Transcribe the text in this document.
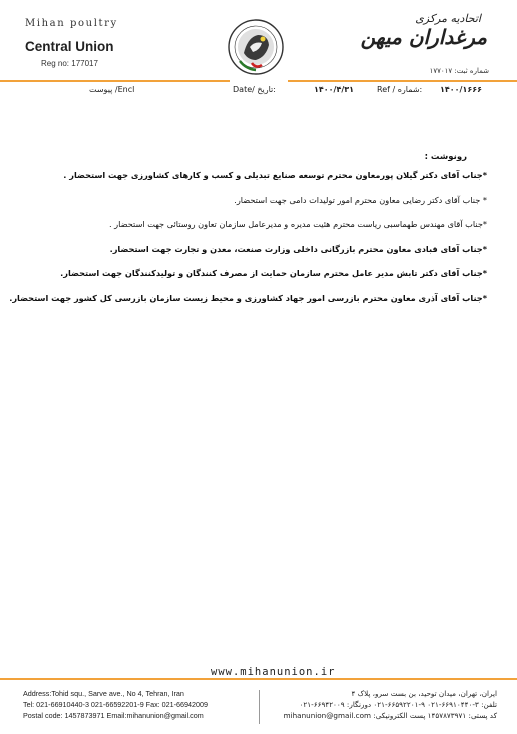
Mihan poultry
Central Union
Reg no: 177017
اتحادیه مرکزی
مرغداران میهن
شماره ثبت: ۱۷۷۰۱۷
پیوست /Encl	Date/ تاریخ:	۱۴۰۰/۴/۳۱	Ref / شماره: ۱۴۰۰/۱۶۶۶
رونوشت :
*جناب آقای دکتر گیلان پورمعاون محترم توسعه صنایع تبدیلی و کسب و کارهای کشاورزی جهت استحضار .
* جناب آقای دکتر رضایی معاون محترم امور تولیدات دامی جهت استحضار.
*جناب آقای مهندس طهماسبی ریاست محترم هئیت مدیره و مدیرعامل سازمان تعاون روستائی جهت استحضار .
*جناب آقای قبادی معاون محترم بازرگانی داخلی وزارت صنعت، معدن و تجارت جهت استحضار.
*جناب آقای دکتر تابش مدیر عامل محترم سازمان حمایت از مصرف کنندگان و تولیدکنندگان جهت استحضار.
*جناب آقای آذری معاون محترم بازرسی امور جهاد کشاورزی و محیط زیست سازمان بازرسی کل کشور جهت استحضار.
www.mihanunion.ir
Address:Tohid squ., Sarve ave., No 4, Tehran, Iran
Tel: 021-66910440-3 021-66592201-9 Fax: 021-66942009
Postal code: 1457873971 Email:mihanunion@gmail.com
ایران، تهران، میدان توحید، بن بست سرو، پلاک ۴
تلفن: ۳-۶۶۹۱۰۴۴۰-۰۲۱ ۹-۶۶۵۹۲۲۰۱-۰۲۱ دورنگار: ۶۶۹۴۲۰۰۹-۰۲۱
کد پستی: ۱۴۵۷۸۷۳۹۷۱ پست الکترونیکی: mihanunion@gmail.com
